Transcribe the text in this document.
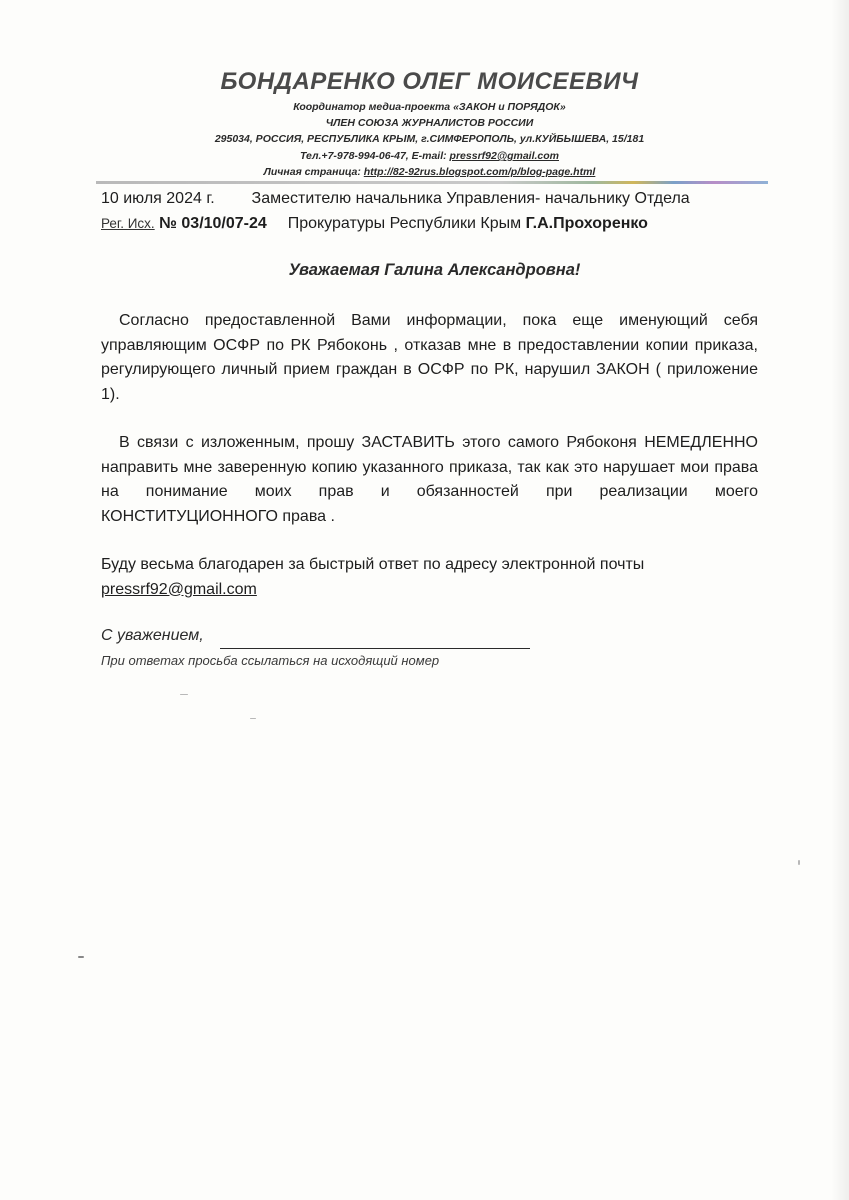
БОНДАРЕНКО ОЛЕГ МОИСЕЕВИЧ
Координатор медиа-проекта «ЗАКОН и ПОРЯДОК»
ЧЛЕН СОЮЗА ЖУРНАЛИСТОВ РОССИИ
295034, РОССИЯ, РЕСПУБЛИКА КРЫМ, г.СИМФЕРОПОЛЬ, ул.КУЙБЫШЕВА, 15/181
Тел.+7-978-994-06-47, E-mail: pressrf92@gmail.com
Личная страница: http://82-92rus.blogspot.com/p/blog-page.html
10 июля 2024 г. Заместителю начальника Управления- начальнику Отдела
Рег. Исх. № 03/10/07-24 Прокуратуры Республики Крым Г.А.Прохоренко
Уважаемая Галина Александровна!
Согласно предоставленной Вами информации, пока еще именующий себя управляющим ОСФР по РК Рябоконь , отказав мне в предоставлении копии приказа, регулирующего личный прием граждан в ОСФР по РК, нарушил ЗАКОН ( приложение 1).
В связи с изложенным, прошу ЗАСТАВИТЬ этого самого Рябоконя НЕМЕДЛЕННО направить мне заверенную копию указанного приказа, так как это нарушает мои права на понимание моих прав и обязанностей при реализации моего КОНСТИТУЦИОННОГО права .
Буду весьма благодарен за быстрый ответ по адресу электронной почты
pressrf92@gmail.com
С уважением,
При ответах просьба ссылаться на исходящий номер
